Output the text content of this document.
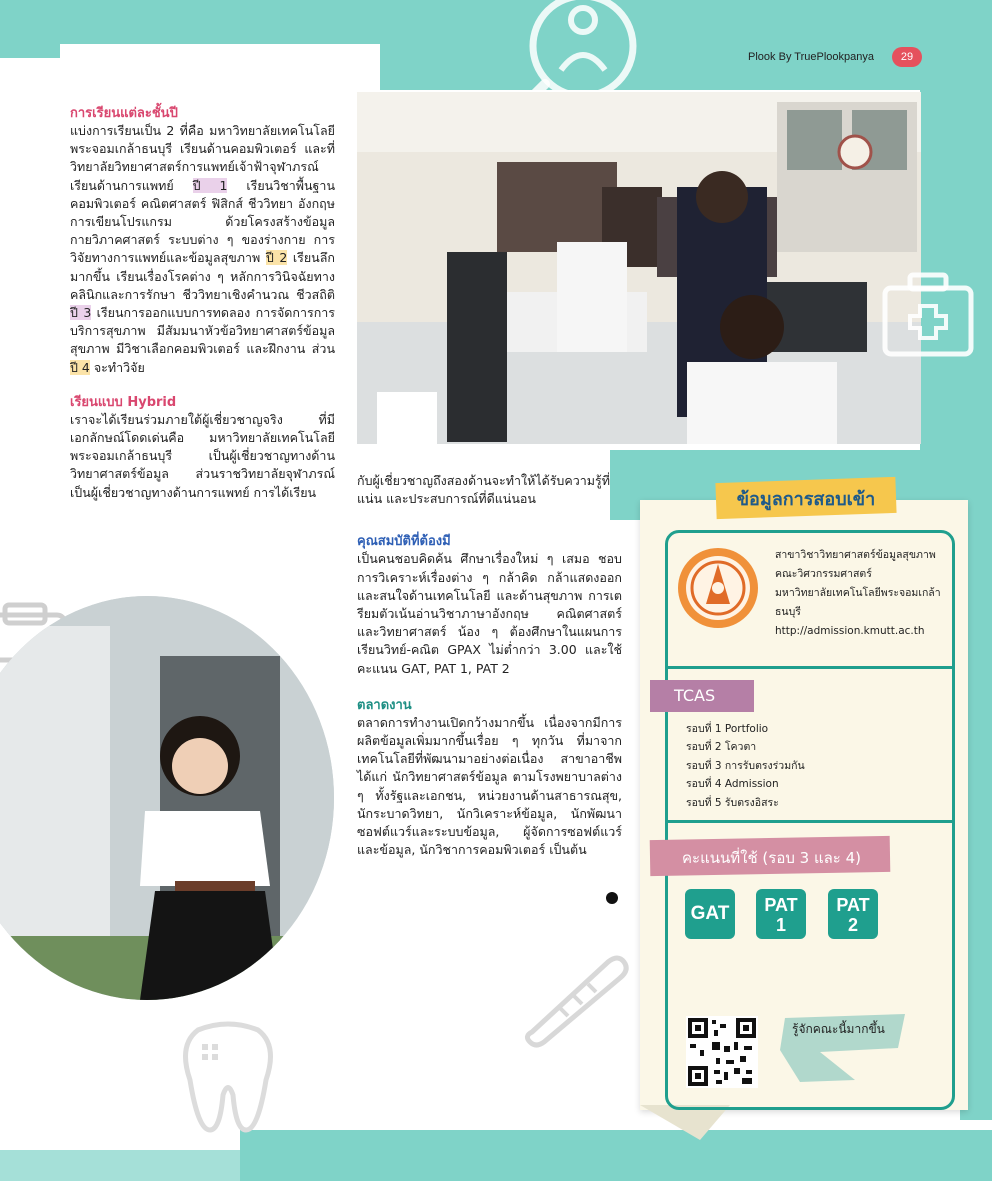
Plook By TruePlookpanya	29
การเรียนแต่ละชั้นปี
แบ่งการเรียนเป็น 2 ที่คือ มหาวิทยาลัยเทคโนโลยีพระจอมเกล้าธนบุรี เรียนด้านคอมพิวเตอร์ และที่วิทยาลัยวิทยาศาสตร์การแพทย์เจ้าฟ้าจุฬาภรณ์ เรียนด้านการแพทย์ ปี 1 เรียนวิชาพื้นฐานคอมพิวเตอร์ คณิตศาสตร์ ฟิสิกส์ ชีววิทยา อังกฤษ การเขียนโปรแกรม ด้วยโครงสร้างข้อมูล กายวิภาคศาสตร์ ระบบต่าง ๆ ของร่างกาย การวิจัยทางการแพทย์และข้อมูลสุขภาพ ปี 2 เรียนลึกมากขึ้น เรียนเรื่องโรคต่าง ๆ หลักการวินิจฉัยทางคลินิกและการรักษา ชีววิทยาเชิงคำนวณ ชีวสถิติ ปี 3 เรียนการออกแบบการทดลอง การจัดการการบริการสุขภาพ มีสัมมนาหัวข้อวิทยาศาสตร์ข้อมูลสุขภาพ มีวิชาเลือกคอมพิวเตอร์ และฝึกงาน ส่วนปี 4 จะทำวิจัย
เรียนแบบ Hybrid
เราจะได้เรียนร่วมภายใต้ผู้เชี่ยวชาญจริง ที่มีเอกลักษณ์โดดเด่นคือ มหาวิทยาลัยเทคโนโลยีพระจอมเกล้าธนบุรี เป็นผู้เชี่ยวชาญทางด้านวิทยาศาสตร์ข้อมูล ส่วนราชวิทยาลัยจุฬาภรณ์ เป็นผู้เชี่ยวชาญทางด้านการแพทย์ การได้เรียน
กับผู้เชี่ยวชาญถึงสองด้านจะทำให้ได้รับความรู้ที่แน่น และประสบการณ์ที่ดีแน่นอน
คุณสมบัติที่ต้องมี
เป็นคนชอบคิดค้น ศึกษาเรื่องใหม่ ๆ เสมอ ชอบการวิเคราะห์เรื่องต่าง ๆ กล้าคิด กล้าแสดงออก และสนใจด้านเทคโนโลยี และด้านสุขภาพ การเตรียมตัวเน้นอ่านวิชาภาษาอังกฤษ คณิตศาสตร์ และวิทยาศาสตร์ น้อง ๆ ต้องศึกษาในแผนการเรียนวิทย์-คณิต GPAX ไม่ต่ำกว่า 3.00 และใช้คะแนน GAT, PAT 1, PAT 2
ตลาดงาน
ตลาดการทำงานเปิดกว้างมากขึ้น เนื่องจากมีการผลิตข้อมูลเพิ่มมากขึ้นเรื่อย ๆ ทุกวัน ที่มาจากเทคโนโลยีที่พัฒนามาอย่างต่อเนื่อง สาขาอาชีพ ได้แก่ นักวิทยาศาสตร์ข้อมูล ตามโรงพยาบาลต่าง ๆ ทั้งรัฐและเอกชน, หน่วยงานด้านสาธารณสุข, นักระบาดวิทยา, นักวิเคราะห์ข้อมูล, นักพัฒนาซอฟต์แวร์และระบบข้อมูล, ผู้จัดการซอฟต์แวร์และข้อมูล, นักวิชาการคอมพิวเตอร์ เป็นต้น
ข้อมูลการสอบเข้า
สาขาวิชาวิทยาศาสตร์ข้อมูลสุขภาพ
คณะวิศวกรรมศาสตร์
มหาวิทยาลัยเทคโนโลยีพระจอมเกล้า
ธนบุรี
http://admission.kmutt.ac.th
TCAS
รอบที่ 1 Portfolio
รอบที่ 2 โควตา
รอบที่ 3 การรับตรงร่วมกัน
รอบที่ 4 Admission
รอบที่ 5 รับตรงอิสระ
คะแนนที่ใช้ (รอบ 3 และ 4)
GAT	PAT
1
PAT
2
รู้จักคณะนี้มากขึ้น
